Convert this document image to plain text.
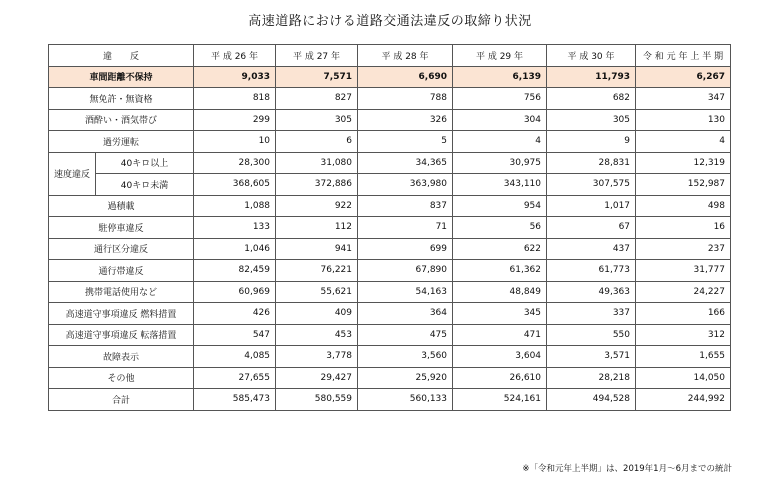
高速道路における道路交通法違反の取締り状況
違　　反		平 成 26 年	平 成 27 年	平 成 28 年	平 成 29 年	平 成 30 年	令 和 元 年 上 半 期
車間距離不保持		9,033	7,571	6,690	6,139	11,793	6,267
無免許・無資格		818	827	788	756	682	347
酒酔い・酒気帯び		299	305	326	304	305	130
過労運転		10	6	5	4	9	4
速度違反	40キロ以上	28,300	31,080	34,365	30,975	28,831	12,319
	40キロ未満	368,605	372,886	363,980	343,110	307,575	152,987
過積載		1,088	922	837	954	1,017	498
駐停車違反		133	112	71	56	67	16
通行区分違反		1,046	941	699	622	437	237
通行帯違反		82,459	76,221	67,890	61,362	61,773	31,777
携帯電話使用など		60,969	55,621	54,163	48,849	49,363	24,227
高速道守事項違反 燃料措置		426	409	364	345	337	166
高速道守事項違反 転落措置		547	453	475	471	550	312
故障表示		4,085	3,778	3,560	3,604	3,571	1,655
その他		27,655	29,427	25,920	26,610	28,218	14,050
合計		585,473	580,559	560,133	524,161	494,528	244,992
※「令和元年上半期」は、2019年1月～6月までの統計
